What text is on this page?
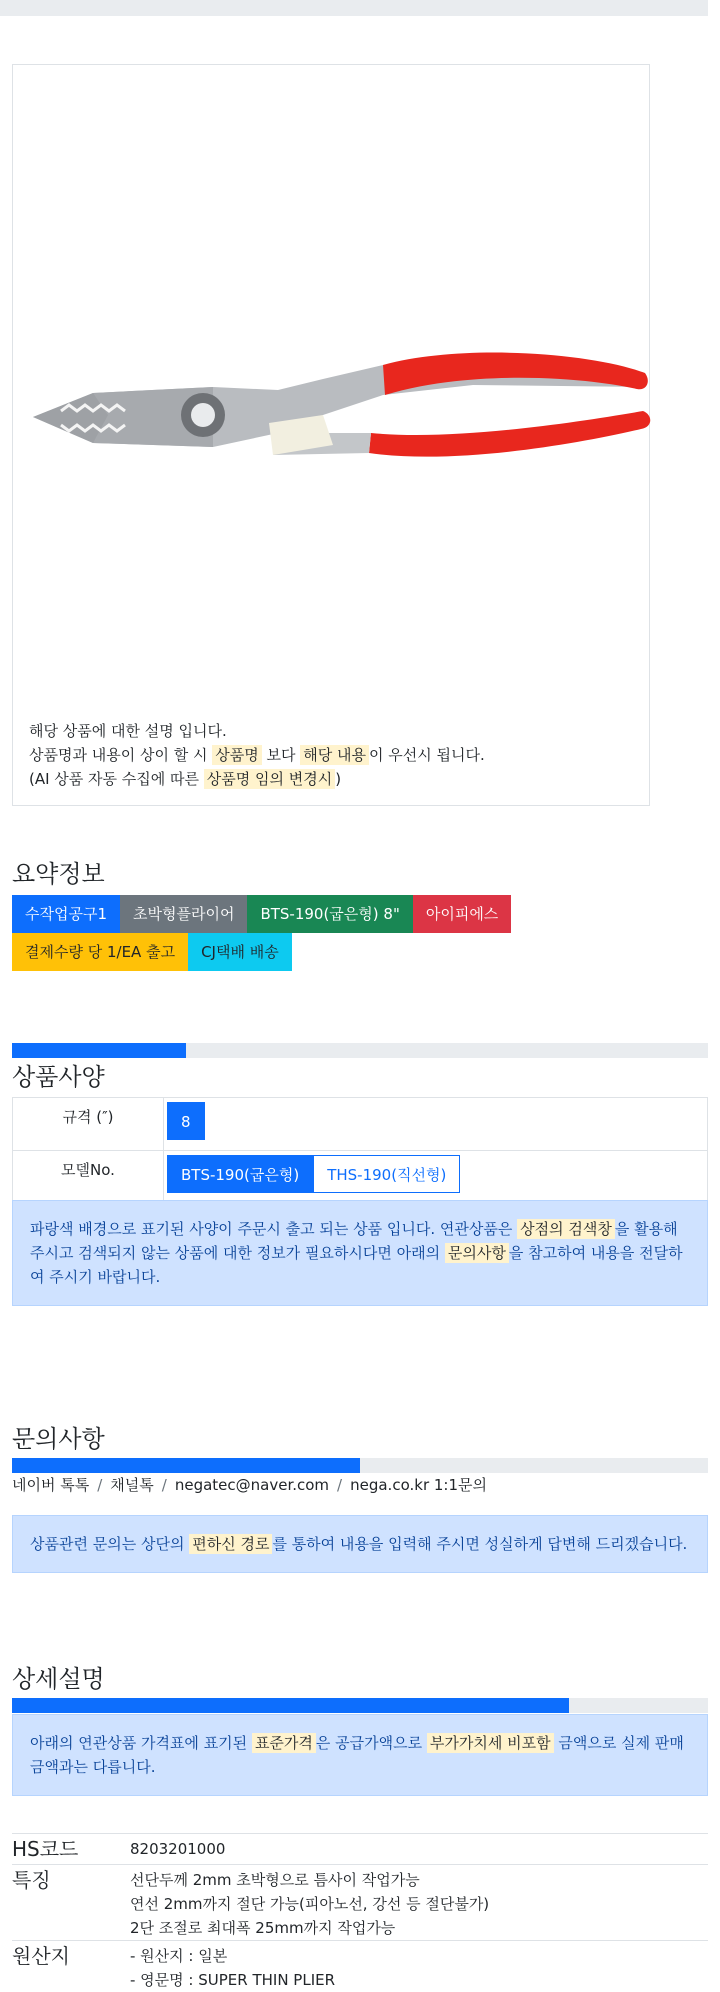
해당 상품에 대한 설명 입니다.
상품명과 내용이 상이 할 시 상품명 보다 해당 내용 이 우선시 됩니다.
(AI 상품 자동 수집에 따른 상품명 임의 변경시 )
요약정보
수작업공구1	초박형플라이어	BTS-190(굽은형) 8"	아이피에스
결제수량 당 1/EA 출고	CJ택배 배송
상품사양
규격 (″)	8
모델No.	BTS-190(굽은형) THS-190(직선형)
파랑색 배경으로 표기된 사양이 주문시 출고 되는 상품 입니다. 연관상품은 상점의 검색창 을 활용해 주시고 검색되지 않는 상품에 대한 정보가 필요하시다면 아래의 문의사항 을 참고하여 내용을 전달하여 주시기 바랍니다.
문의사항
네이버 톡톡 / 채널톡 / negatec@naver.com / nega.co.kr 1:1문의
상품관련 문의는 상단의 편하신 경로 를 통하여 내용을 입력해 주시면 성실하게 답변해 드리겠습니다.
상세설명
아래의 연관상품 가격표에 표기된 표준가격 은 공급가액으로 부가가치세 비포함 금액으로 실제 판매금액과는 다릅니다.
HS코드	8203201000

특징	선단두께 2mm 초박형으로 틈사이 작업가능
연선 2mm까지 절단 가능(피아노선, 강선 등 절단불가)
2단 조절로 최대폭 25mm까지 작업가능

원산지	- 원산지 : 일본
- 영문명 : SUPER THIN PLIER
